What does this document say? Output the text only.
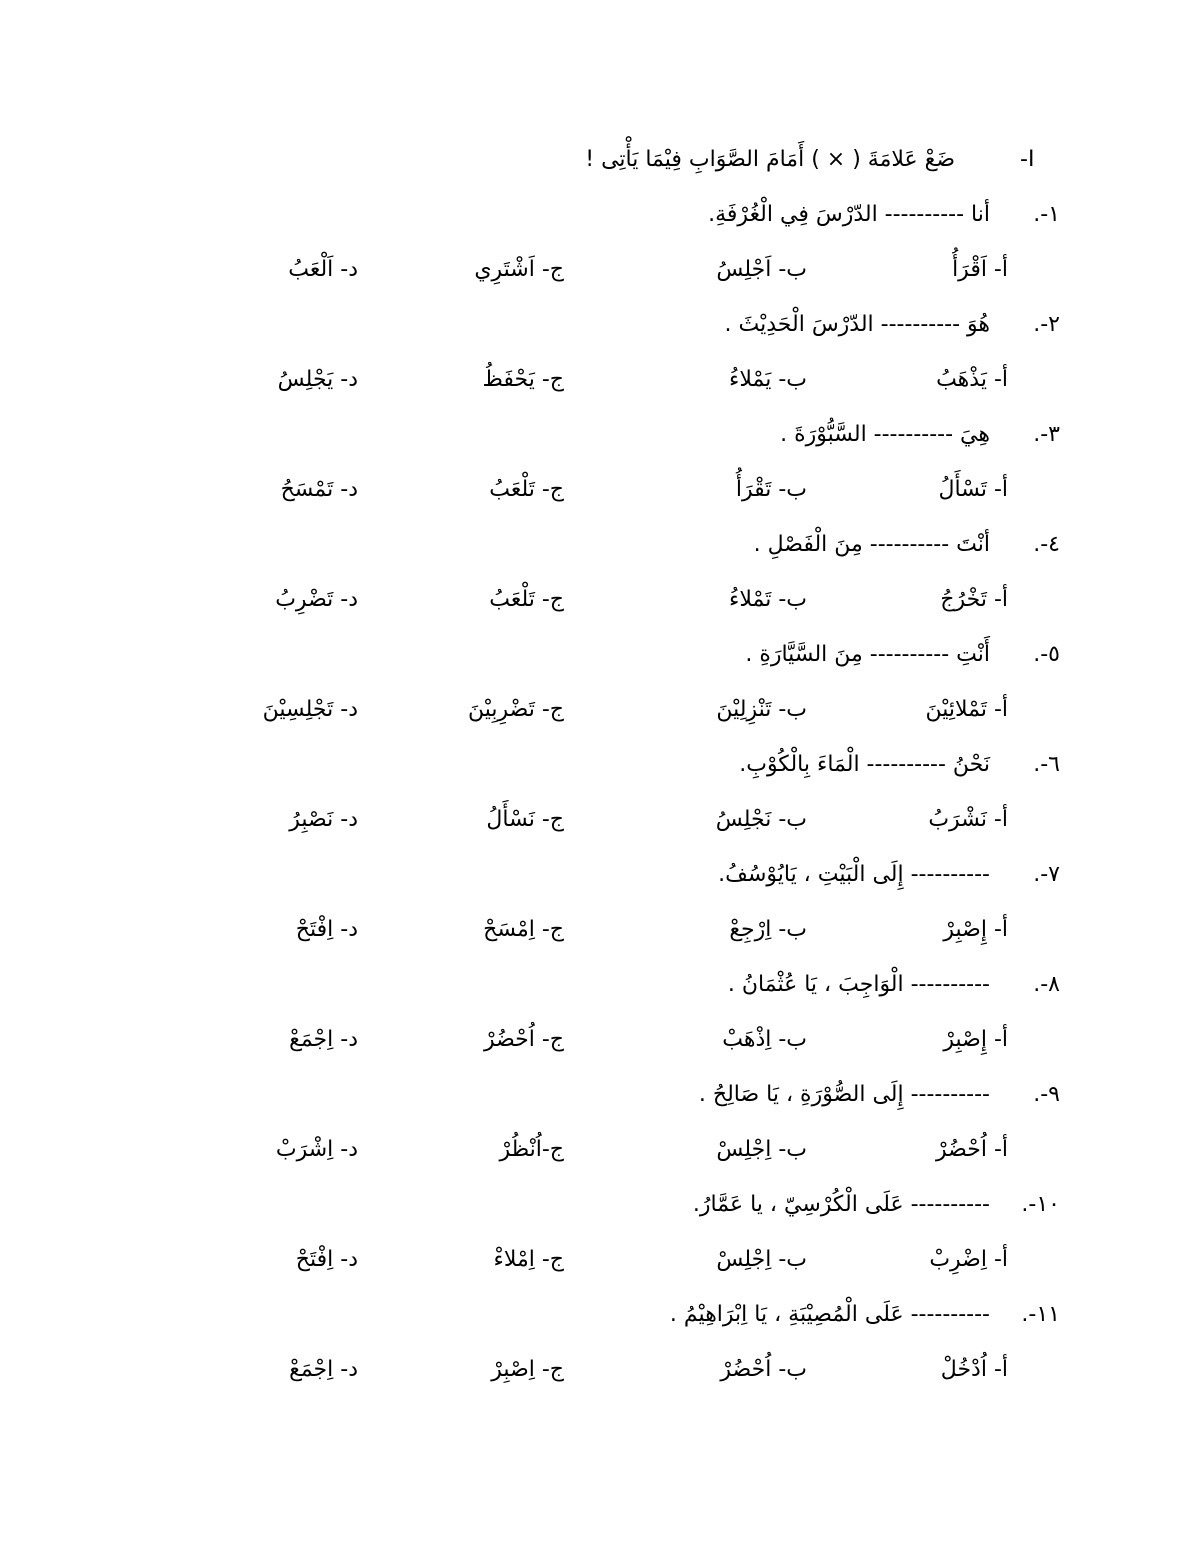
-I
ضَعْ عَلامَةَ ( × ) أَمَامَ الصَّوَابِ فِيْمَا يَأْتِى !
١-.
أنا ---------- الدّرْسَ فِي الْغُرْفَةِ.
أ- اَقْرَأُ
ب- اَجْلِسُ
ج- اَشْتَرِي
د- اَلْعَبُ
٢-.
هُوَ ---------- الدّرْسَ الْحَدِيْثَ .
أ- يَذْهَبُ
ب- يَمْلاءُ
ج- يَحْفَظُ
د- يَجْلِسُ
٣-.
هِيَ ---------- السَّبُّوْرَةَ .
أ- تَسْأَلُ
ب- تَقْرَأُ
ج- تَلْعَبُ
د- تَمْسَحُ
٤-.
أنْتَ ---------- مِنَ الْفَصْلِ .
أ- تَخْرُجُ
ب- تَمْلاءُ
ج- تَلْعَبُ
د- تَضْرِبُ
٥-.
أَنْتِ ---------- مِنَ السَّيَّارَةِ .
أ- تَمْلائِيْنَ
ب- تَنْزِلِيْنَ
ج- تَضْرِبِيْنَ
د- تَجْلِسِيْنَ
٦-.
نَحْنُ ---------- الْمَاءَ بِالْكُوْبِ.
أ- نَشْرَبُ
ب- نَجْلِسُ
ج- نَسْأَلُ
د- نَصْبِرُ
٧-.
---------- إِلَى الْبَيْتِ ، يَايُوْسُفُ.
أ- إِصْبِرْ
ب- اِرْجِعْ
ج- اِمْسَحْ
د- اِفْتَحْ
٨-.
---------- الْوَاجِبَ ، يَا عُثْمَانُ .
أ- إِصْبِرْ
ب- اِذْهَبْ
ج- اُحْضُرْ
د- اِجْمَعْ
٩-.
---------- إِلَى الصُّوْرَةِ ، يَا صَالِحُ .
أ- اُحْضُرْ
ب- اِجْلِسْ
ج-اُنْظُرْ
د- اِشْرَبْ
١٠-.
---------- عَلَى الْكُرْسِيّ ، يا عَمَّارُ.
أ- اِضْرِبْ
ب- اِجْلِسْ
ج- اِمْلاءْ
د- اِفْتَحْ
١١-.
---------- عَلَى الْمُصِيْبَةِ ، يَا اِبْرَاهِيْمُ .
أ- اُدْخُلْ
ب- اُحْضُرْ
ج- اِصْبِرْ
د- اِجْمَعْ
